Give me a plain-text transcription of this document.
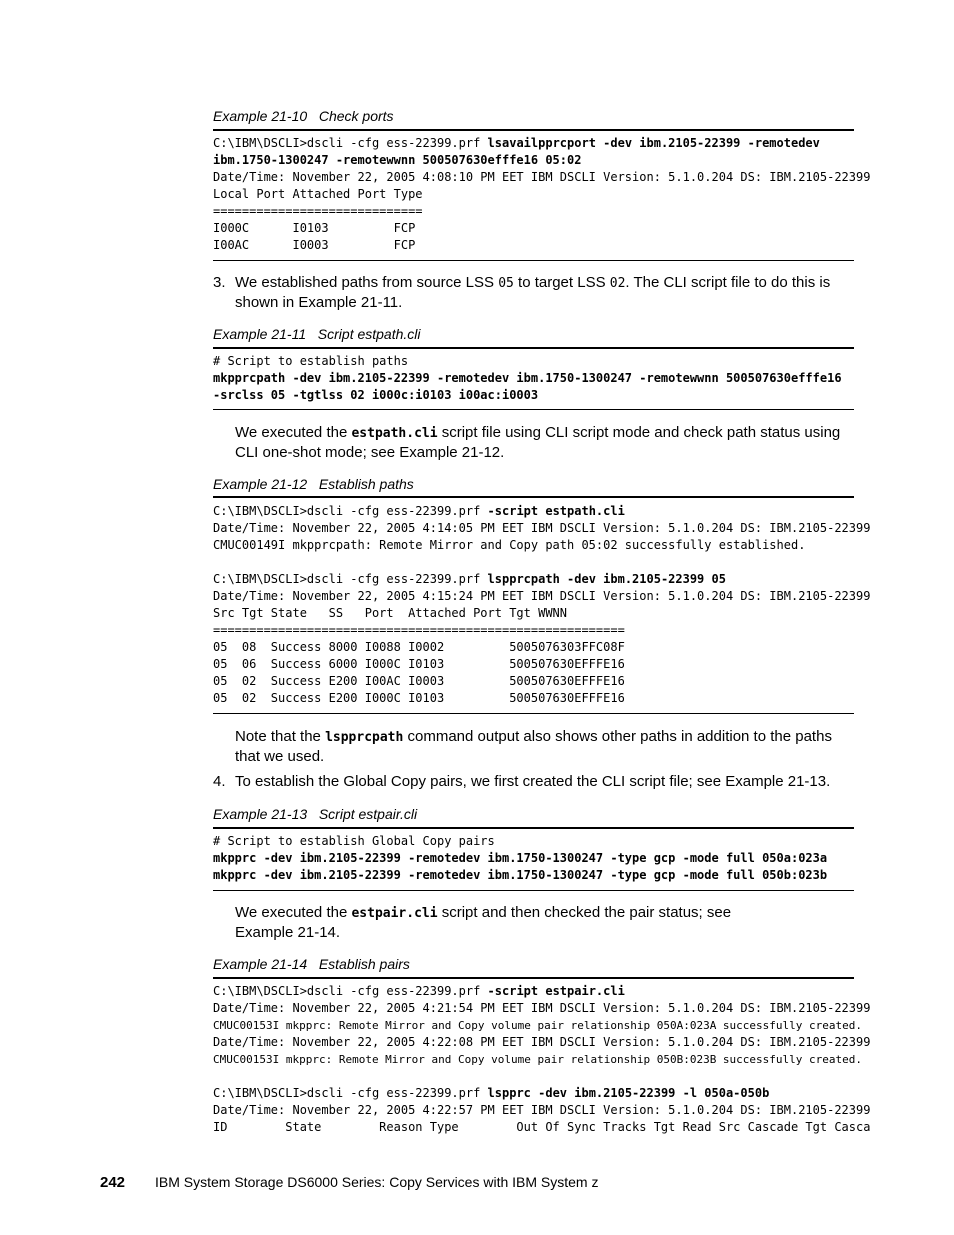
Example 21-10   Check ports
C:\IBM\DSCLI>dscli -cfg ess-22399.prf lsavailpprcport -dev ibm.2105-22399 -remotedev
ibm.1750-1300247 -remotewwnn 500507630efffe16 05:02
Date/Time: November 22, 2005 4:08:10 PM EET IBM DSCLI Version: 5.1.0.204 DS: IBM.2105-22399
Local Port Attached Port Type
=============================
I000C      I0103         FCP
I00AC      I0003         FCP
3. We established paths from source LSS 05 to target LSS 02. The CLI script file to do this is shown in Example 21-11.
Example 21-11   Script estpath.cli
# Script to establish paths
mkpprcpath -dev ibm.2105-22399 -remotedev ibm.1750-1300247 -remotewwnn 500507630efffe16
-srclss 05 -tgtlss 02 i000c:i0103 i00ac:i0003
We executed the estpath.cli script file using CLI script mode and check path status using CLI one-shot mode; see Example 21-12.
Example 21-12   Establish paths
C:\IBM\DSCLI>dscli -cfg ess-22399.prf -script estpath.cli
Date/Time: November 22, 2005 4:14:05 PM EET IBM DSCLI Version: 5.1.0.204 DS: IBM.2105-22399
CMUC00149I mkpprcpath: Remote Mirror and Copy path 05:02 successfully established.

C:\IBM\DSCLI>dscli -cfg ess-22399.prf lspprcpath -dev ibm.2105-22399 05
Date/Time: November 22, 2005 4:15:24 PM EET IBM DSCLI Version: 5.1.0.204 DS: IBM.2105-22399
Src Tgt State   SS   Port  Attached Port Tgt WWNN
=========================================================
05  08  Success 8000 I0088 I0002         5005076303FFC08F
05  06  Success 6000 I000C I0103         500507630EFFFE16
05  02  Success E200 I00AC I0003         500507630EFFFE16
05  02  Success E200 I000C I0103         500507630EFFFE16
Note that the lspprcpath command output also shows other paths in addition to the paths that we used.
4. To establish the Global Copy pairs, we first created the CLI script file; see Example 21-13.
Example 21-13   Script estpair.cli
# Script to establish Global Copy pairs
mkpprc -dev ibm.2105-22399 -remotedev ibm.1750-1300247 -type gcp -mode full 050a:023a
mkpprc -dev ibm.2105-22399 -remotedev ibm.1750-1300247 -type gcp -mode full 050b:023b
We executed the estpair.cli script and then checked the pair status; see
Example 21-14.
Example 21-14   Establish pairs
C:\IBM\DSCLI>dscli -cfg ess-22399.prf -script estpair.cli
Date/Time: November 22, 2005 4:21:54 PM EET IBM DSCLI Version: 5.1.0.204 DS: IBM.2105-22399
CMUC00153I mkpprc: Remote Mirror and Copy volume pair relationship 050A:023A successfully created.
Date/Time: November 22, 2005 4:22:08 PM EET IBM DSCLI Version: 5.1.0.204 DS: IBM.2105-22399
CMUC00153I mkpprc: Remote Mirror and Copy volume pair relationship 050B:023B successfully created.

C:\IBM\DSCLI>dscli -cfg ess-22399.prf lspprc -dev ibm.2105-22399 -l 050a-050b
Date/Time: November 22, 2005 4:22:57 PM EET IBM DSCLI Version: 5.1.0.204 DS: IBM.2105-22399
ID        State        Reason Type        Out Of Sync Tracks Tgt Read Src Cascade Tgt Casca
242 IBM System Storage DS6000 Series: Copy Services with IBM System z
